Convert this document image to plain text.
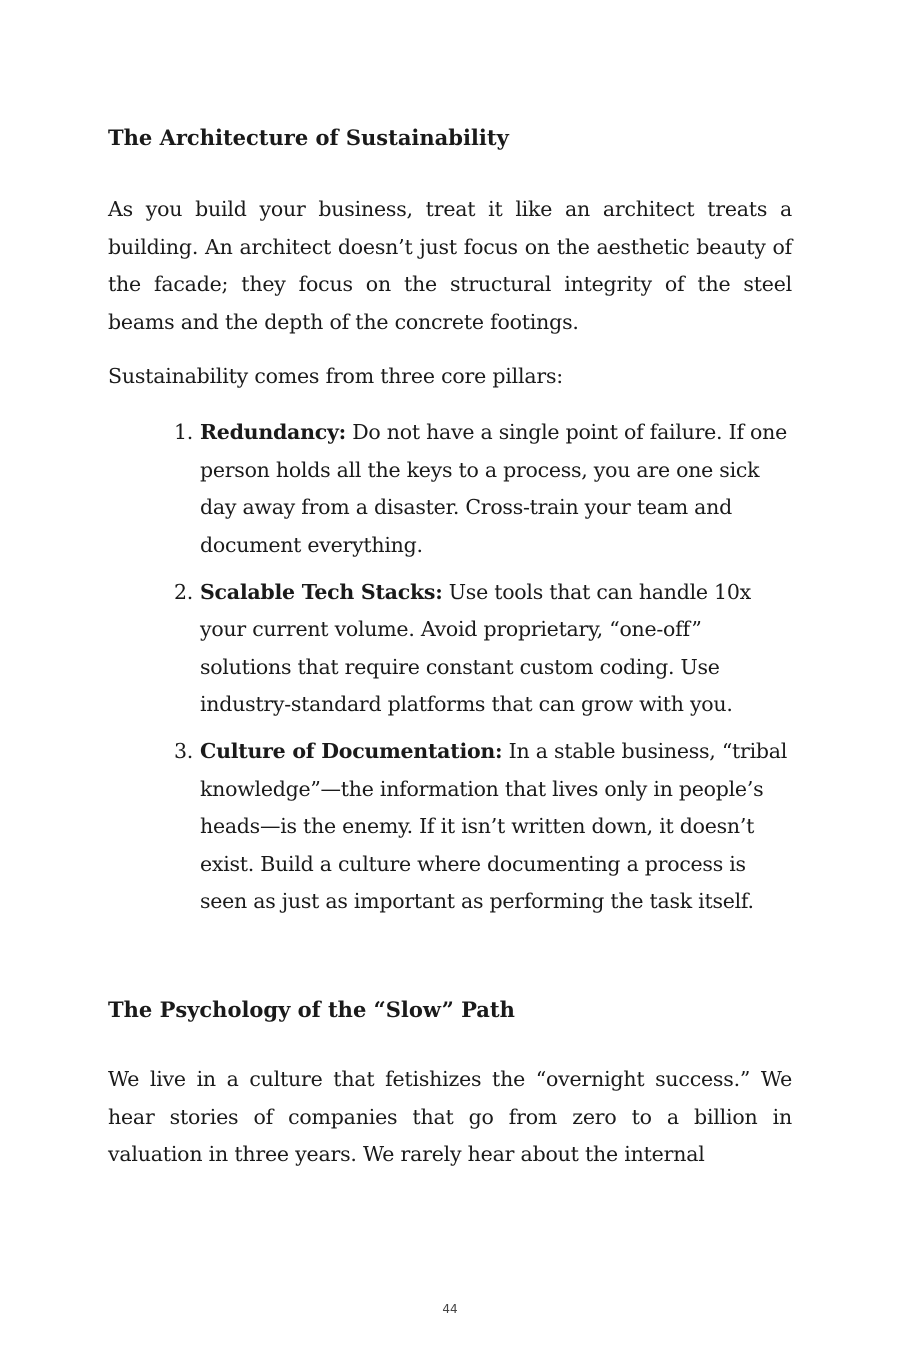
The Architecture of Sustainability

As you build your business, treat it like an architect treats a building. An architect doesn’t just focus on the aesthetic beauty of the facade; they focus on the structural integrity of the steel beams and the depth of the concrete footings.

Sustainability comes from three core pillars:

1. Redundancy: Do not have a single point of failure. If one person holds all the keys to a process, you are one sick day away from a disaster. Cross-train your team and document everything.
2. Scalable Tech Stacks: Use tools that can handle 10x your current volume. Avoid proprietary, “one-off” solutions that require constant custom coding. Use industry-standard platforms that can grow with you.
3. Culture of Documentation: In a stable business, “tribal knowledge”—the information that lives only in people’s heads—is the enemy. If it isn’t written down, it doesn’t exist. Build a culture where documenting a process is seen as just as important as performing the task itself.
The Psychology of the “Slow” Path

We live in a culture that fetishizes the “overnight success.” We hear stories of companies that go from zero to a billion in valuation in three years. We rarely hear about the internal

44
